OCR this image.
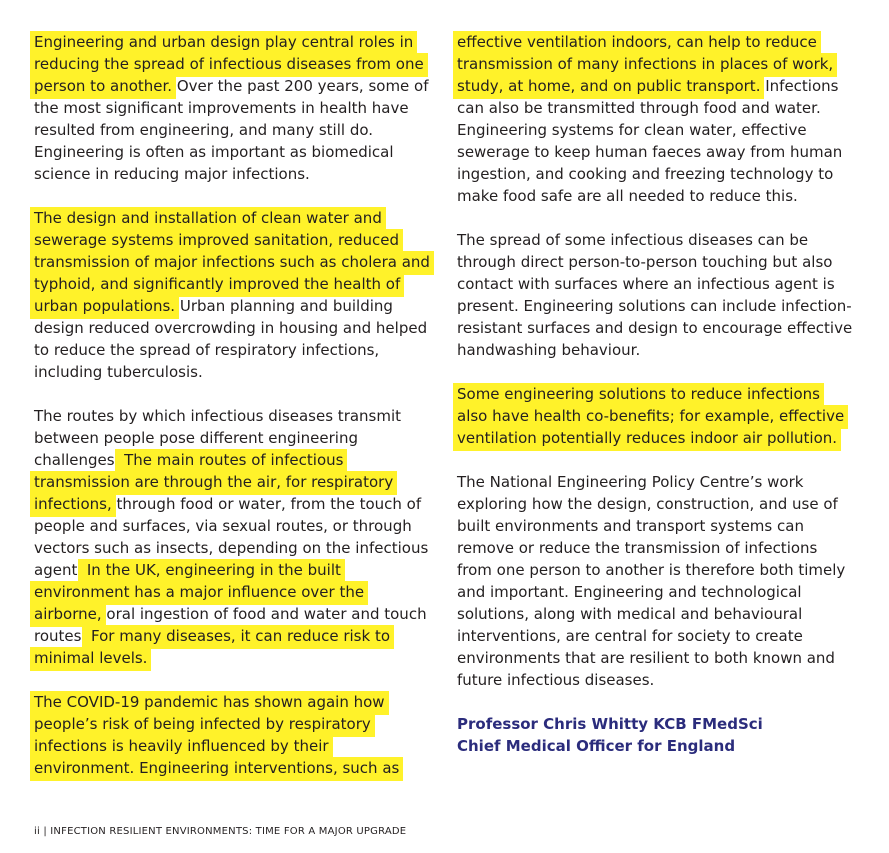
Engineering and urban design play central roles in reducing the spread of infectious diseases from one person to another. Over the past 200 years, some of the most significant improvements in health have resulted from engineering, and many still do. Engineering is often as important as biomedical science in reducing major infections.

The design and installation of clean water and sewerage systems improved sanitation, reduced transmission of major infections such as cholera and typhoid, and significantly improved the health of urban populations. Urban planning and building design reduced overcrowding in housing and helped to reduce the spread of respiratory infections, including tuberculosis.

The routes by which infectious diseases transmit between people pose different engineering challenges. The main routes of infectious transmission are through the air, for respiratory infections, through food or water, from the touch of people and surfaces, via sexual routes, or through vectors such as insects, depending on the infectious agent. In the UK, engineering in the built environment has a major influence over the airborne, oral ingestion of food and water and touch routes. For many diseases, it can reduce risk to minimal levels.

The COVID-19 pandemic has shown again how people’s risk of being infected by respiratory infections is heavily influenced by their environment. Engineering interventions, such as

effective ventilation indoors, can help to reduce transmission of many infections in places of work, study, at home, and on public transport. Infections can also be transmitted through food and water. Engineering systems for clean water, effective sewerage to keep human faeces away from human ingestion, and cooking and freezing technology to make food safe are all needed to reduce this.

The spread of some infectious diseases can be through direct person-to-person touching but also contact with surfaces where an infectious agent is present. Engineering solutions can include infection-resistant surfaces and design to encourage effective handwashing behaviour.

Some engineering solutions to reduce infections also have health co-benefits; for example, effective ventilation potentially reduces indoor air pollution.

The National Engineering Policy Centre’s work exploring how the design, construction, and use of built environments and transport systems can remove or reduce the transmission of infections from one person to another is therefore both timely and important. Engineering and technological solutions, along with medical and behavioural interventions, are central for society to create environments that are resilient to both known and future infectious diseases.

Professor Chris Whitty KCB FMedSci
Chief Medical Officer for England
ii | INFECTION RESILIENT ENVIRONMENTS: TIME FOR A MAJOR UPGRADE
